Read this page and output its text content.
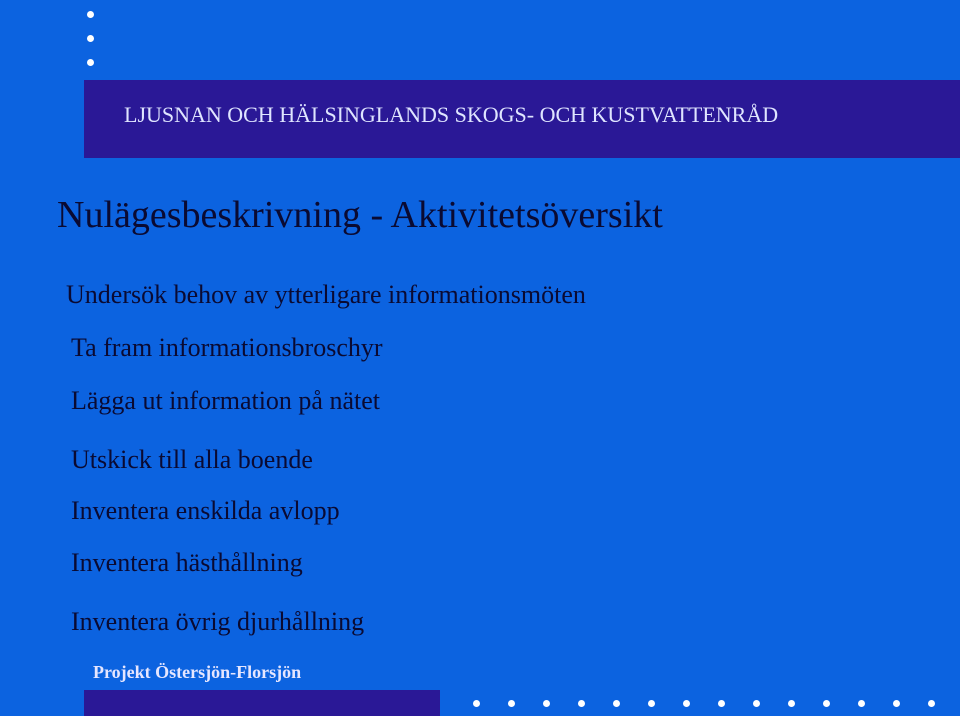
LJUSNAN OCH HÄLSINGLANDS SKOGS- OCH KUSTVATTENRÅD
Nulägesbeskrivning - Aktivitetsöversikt
Undersök behov av ytterligare informationsmöten
Ta fram informationsbroschyr
Lägga ut information på nätet
Utskick till alla boende
Inventera enskilda avlopp
Inventera hästhållning
Inventera övrig djurhållning
Projekt Östersjön-Florsjön
